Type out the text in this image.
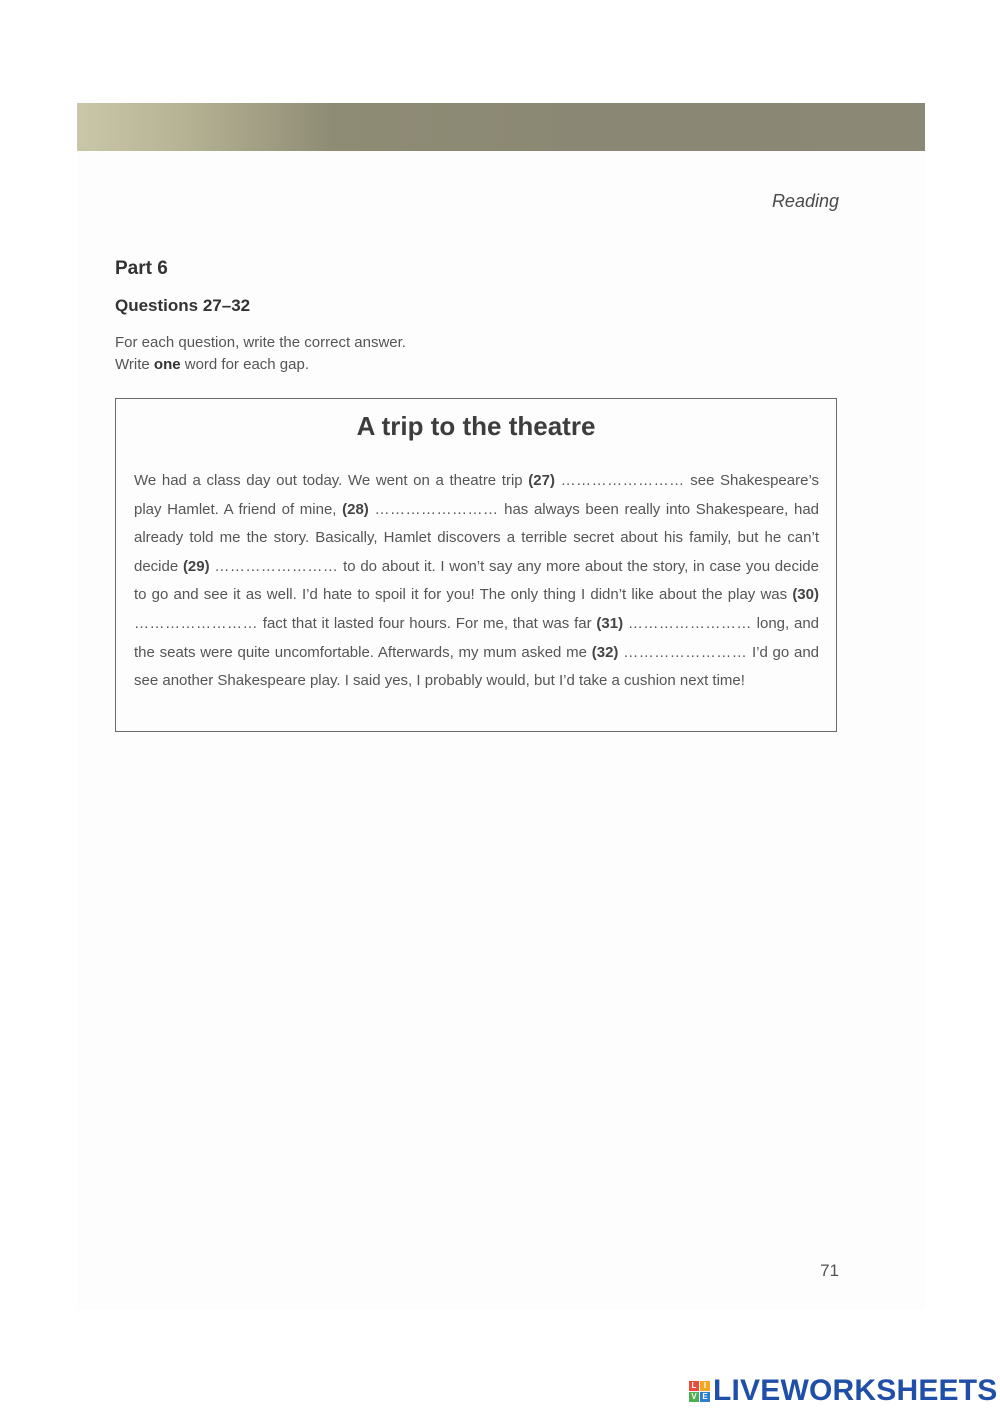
Reading
Part 6
Questions 27–32
For each question, write the correct answer.
Write one word for each gap.
A trip to the theatre
We had a class day out today. We went on a theatre trip (27) …………………… see Shakespeare’s play Hamlet. A friend of mine, (28) …………………… has always been really into Shakespeare, had already told me the story. Basically, Hamlet discovers a terrible secret about his family, but he can’t decide (29) …………………… to do about it. I won’t say any more about the story, in case you decide to go and see it as well. I’d hate to spoil it for you! The only thing I didn’t like about the play was (30) …………………… fact that it lasted four hours. For me, that was far (31) …………………… long, and the seats were quite uncomfortable. Afterwards, my mum asked me (32) …………………… I’d go and see another Shakespeare play. I said yes, I probably would, but I’d take a cushion next time!
71
L I
V E LIVEWORKSHEETS
